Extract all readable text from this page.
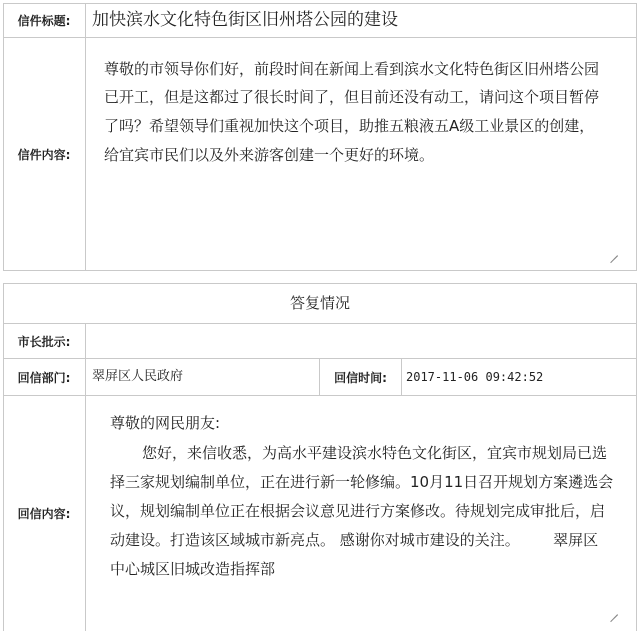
信件标题:	加快滨水文化特色街区旧州塔公园的建设
信件内容:
尊敬的市领导你们好，前段时间在新闻上看到滨水文化特色街区旧州塔公园
已开工，但是这都过了很长时间了，但目前还没有动工，请问这个项目暂停
了吗？希望领导们重视加快这个项目，助推五粮液五A级工业景区的创建，
给宜宾市民们以及外来游客创建一个更好的环境。
答复情况
市长批示:
回信部门:	翠屏区人民政府	回信时间:	2017-11-06 09:42:52
回信内容:
尊敬的网民朋友:
您好，来信收悉，为高水平建设滨水特色文化街区，宜宾市规划局已选
择三家规划编制单位，正在进行新一轮修编。10月11日召开规划方案遴选会
议，规划编制单位正在根据会议意见进行方案修改。待规划完成审批后，启
动建设。打造该区域城市新亮点。 感谢你对城市建设的关注。       翠屏区
中心城区旧城改造指挥部
